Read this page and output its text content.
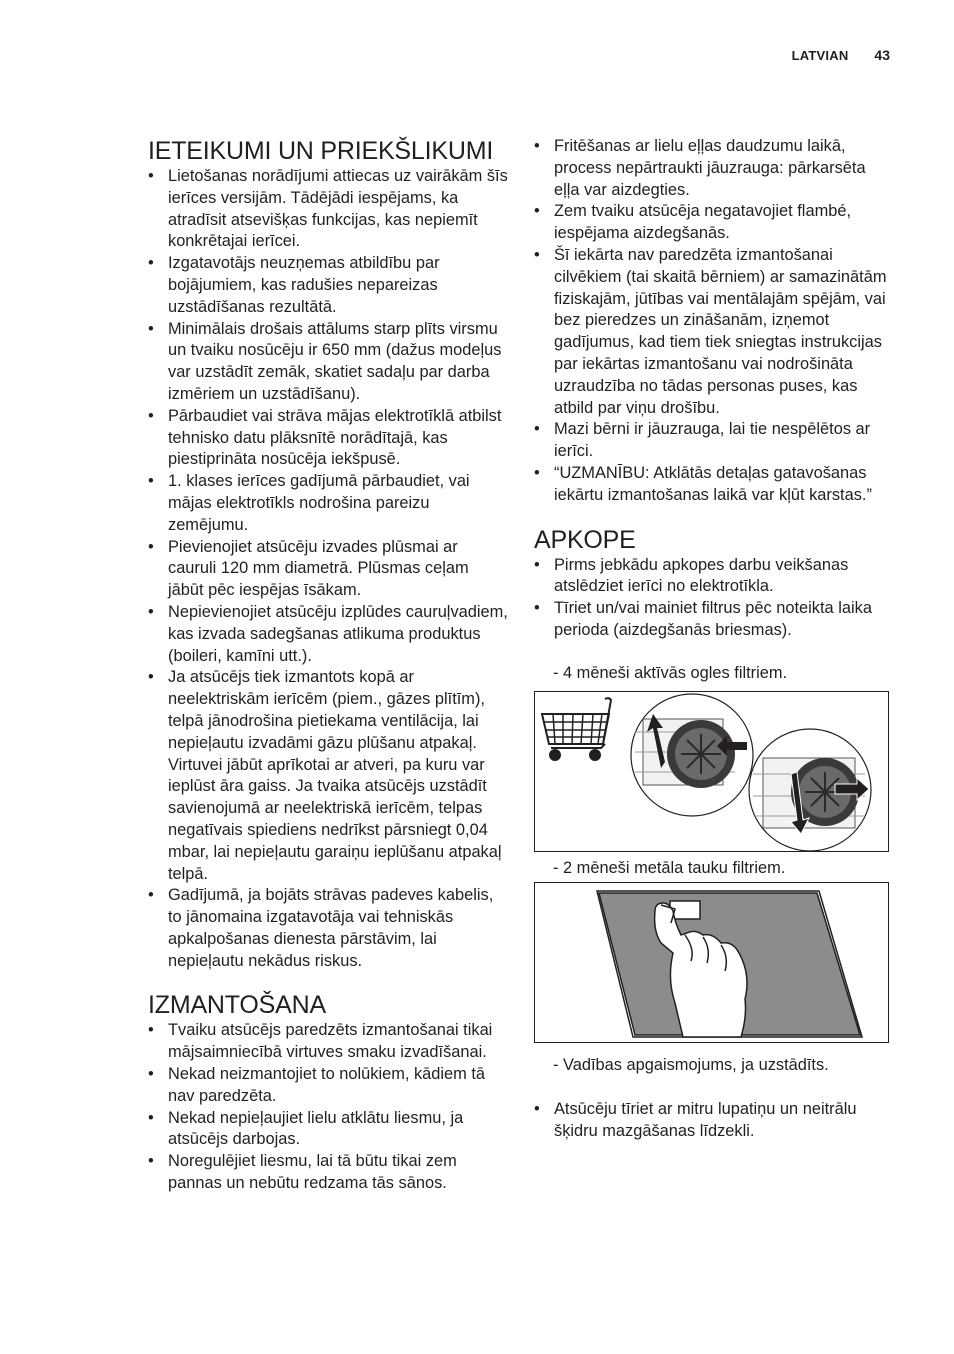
LATVIAN 43
IETEIKUMI UN PRIEKŠLIKUMI
• Lietošanas norādījumi attiecas uz vairākām šīs ierīces versijām. Tādējādi iespējams, ka atradīsit atsevišķas funkcijas, kas nepiemīt konkrētajai ierīcei.
• Izgatavotājs neuzņemas atbildību par bojājumiem, kas radušies nepareizas uzstādīšanas rezultātā.
• Minimālais drošais attālums starp plīts virsmu un tvaiku nosūcēju ir 650 mm (dažus modeļus var uzstādīt zemāk, skatiet sadaļu par darba izmēriem un uzstādīšanu).
• Pārbaudiet vai strāva mājas elektrotīklā atbilst tehnisko datu plāksnītē norādītajā, kas piestiprināta nosūcēja iekšpusē.
• 1. klases ierīces gadījumā pārbaudiet, vai mājas elektrotīkls nodrošina pareizu zemējumu.
• Pievienojiet atsūcēju izvades plūsmai ar cauruli 120 mm diametrā. Plūsmas ceļam jābūt pēc iespējas īsākam.
• Nepievienojiet atsūcēju izplūdes cauruļvadiem, kas izvada sadegšanas atlikuma produktus (boileri, kamīni utt.).
• Ja atsūcējs tiek izmantots kopā ar neelektriskām ierīcēm (piem., gāzes plītīm), telpā jānodrošina pietiekama ventilācija, lai nepieļautu izvadāmi gāzu plūšanu atpakaļ. Virtuvei jābūt aprīkotai ar atveri, pa kuru var ieplūst āra gaiss. Ja tvaika atsūcējs uzstādīt savienojumā ar neelektriskā ierīcēm, telpas negatīvais spiediens nedrīkst pārsniegt 0,04 mbar, lai nepieļautu garaiņu ieplūšanu atpakaļ telpā.
• Gadījumā, ja bojāts strāvas padeves kabelis, to jānomaina izgatavotāja vai tehniskās apkalpošanas dienesta pārstāvim, lai nepieļautu nekādus riskus.
IZMANTOŠANA
• Tvaiku atsūcējs paredzēts izmantošanai tikai mājsaimniecībā virtuves smaku izvadīšanai.
• Nekad neizmantojiet to nolūkiem, kādiem tā nav paredzēta.
• Nekad nepieļaujiet lielu atklātu liesmu, ja atsūcējs darbojas.
• Noregulējiet liesmu, lai tā būtu tikai zem pannas un nebūtu redzama tās sānos.
• Fritēšanas ar lielu eļļas daudzumu laikā, process nepārtraukti jāuzrauga: pārkarsēta eļļa var aizdegties.
• Zem tvaiku atsūcēja negatavojiet flambé, iespējama aizdegšanās.
• Šī iekārta nav paredzēta izmantošanai cilvēkiem (tai skaitā bērniem) ar samazinātām fiziskajām, jūtības vai mentālajām spējām, vai bez pieredzes un zināšanām, izņemot gadījumus, kad tiem tiek sniegtas instrukcijas par iekārtas izmantošanu vai nodrošināta uzraudzība no tādas personas puses, kas atbild par viņu drošību.
• Mazi bērni ir jāuzrauga, lai tie nespēlētos ar ierīci.
• “UZMANĪBU: Atklātās detaļas gatavošanas iekārtu izmantošanas laikā var kļūt karstas.”
APKOPE
• Pirms jebkādu apkopes darbu veikšanas atslēdziet ierīci no elektrotīkla.
• Tīriet un/vai mainiet filtrus pēc noteikta laika perioda (aizdegšanās briesmas).
- 4 mēneši aktīvās ogles filtriem.
- 2 mēneši metāla tauku filtriem.
- Vadības apgaismojums, ja uzstādīts.
• Atsūcēju tīriet ar mitru lupatiņu un neitrālu šķidru mazgāšanas līdzekli.
